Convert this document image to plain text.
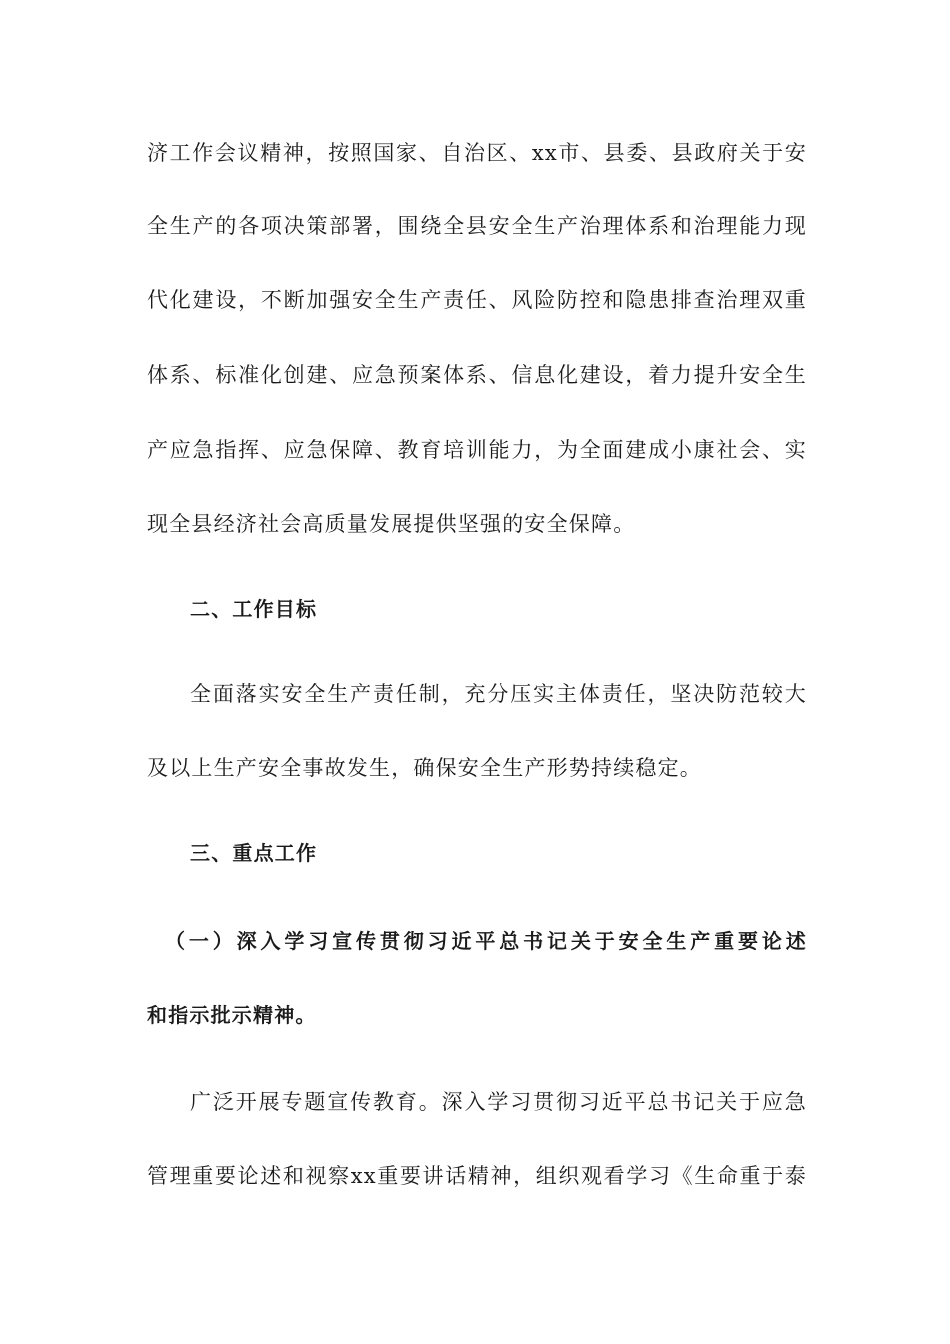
济工作会议精神，按照国家、自治区、xx市、县委、县政府关于安
全生产的各项决策部署，围绕全县安全生产治理体系和治理能力现
代化建设，不断加强安全生产责任、风险防控和隐患排查治理双重
体系、标准化创建、应急预案体系、信息化建设，着力提升安全生
产应急指挥、应急保障、教育培训能力，为全面建成小康社会、实
现全县经济社会高质量发展提供坚强的安全保障。
二、工作目标
全面落实安全生产责任制，充分压实主体责任，坚决防范较大
及以上生产安全事故发生，确保安全生产形势持续稳定。
三、重点工作
（一）深入学习宣传贯彻习近平总书记关于安全生产重要论述
和指示批示精神。
广泛开展专题宣传教育。深入学习贯彻习近平总书记关于应急
管理重要论述和视察xx重要讲话精神，组织观看学习《生命重于泰
